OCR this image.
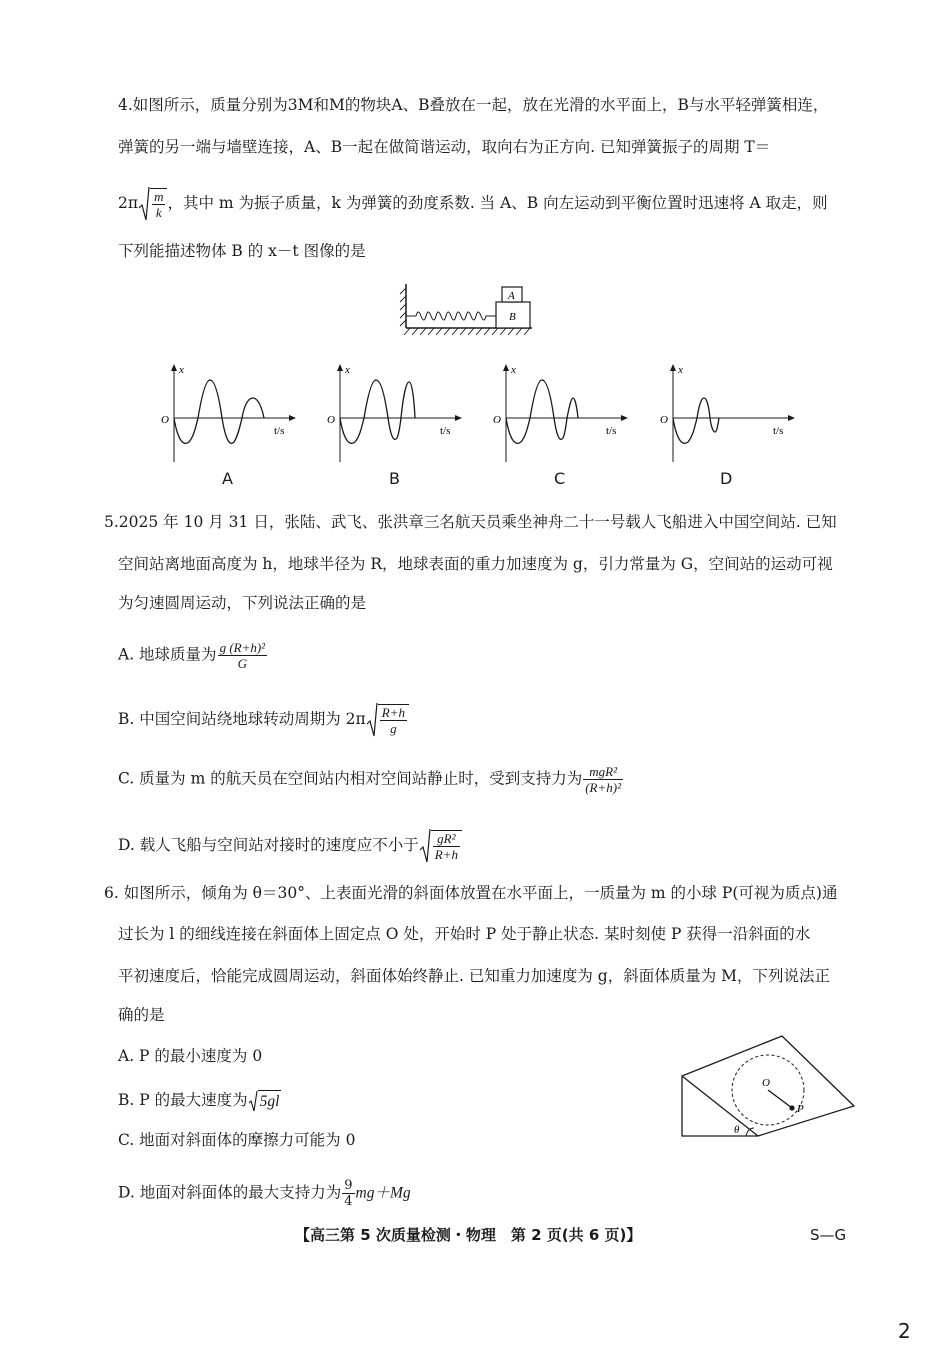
4.如图所示，质量分别为3M和M的物块A、B叠放在一起，放在光滑的水平面上，B与水平轻弹簧相连，
弹簧的另一端与墙壁连接，A、B一起在做简谐运动，取向右为正方向. 已知弹簧振子的周期 T＝
$2\pi \frac{m}{k}$ ，其中 m 为振子质量，k 为弹簧的劲度系数. 当 A、B 向左运动到平衡位置时迅速将 A 取走，则
下列能描述物体 B 的 x－t 图像的是
A
B
x
O
t/s
A
x
O
t/s
B
x
O
t/s
C
x
O
t/s
D
5.2025 年 10 月 31 日，张陆、武飞、张洪章三名航天员乘坐神舟二十一号载人飞船进入中国空间站. 已知
空间站离地面高度为 h，地球半径为 R，地球表面的重力加速度为 g，引力常量为 G，空间站的运动可视
为匀速圆周运动，下列说法正确的是
A. 地球质量为 $\frac{\text{g (R+h)²}}{G}$
B. 中国空间站绕地球转动周期为 $2\pi \frac{R+h}{g}$
C. 质量为 m 的航天员在空间站内相对空间站静止时，受到支持力为 $\frac{\text{mgR²}}{\text{(R+h)²}}$
D. 载人飞船与空间站对接时的速度应不小于 $\frac{\text{gR²}}{R+h}$
6. 如图所示，倾角为 θ＝30°、上表面光滑的斜面体放置在水平面上，一质量为 m 的小球 P(可视为质点)通
过长为 l 的细线连接在斜面体上固定点 O 处，开始时 P 处于静止状态. 某时刻使 P 获得一沿斜面的水
平初速度后，恰能完成圆周运动，斜面体始终静止. 已知重力加速度为 g，斜面体质量为 M，下列说法正
确的是
A. P 的最小速度为 0
B. P 的最大速度为 5gl
C. 地面对斜面体的摩擦力可能为 0
D. 地面对斜面体的最大支持力为 $\frac{9}{4} mg+Mg$
O
P
θ
【高三第 5 次质量检测・物理　第 2 页(共 6 页)】	S—G
2
